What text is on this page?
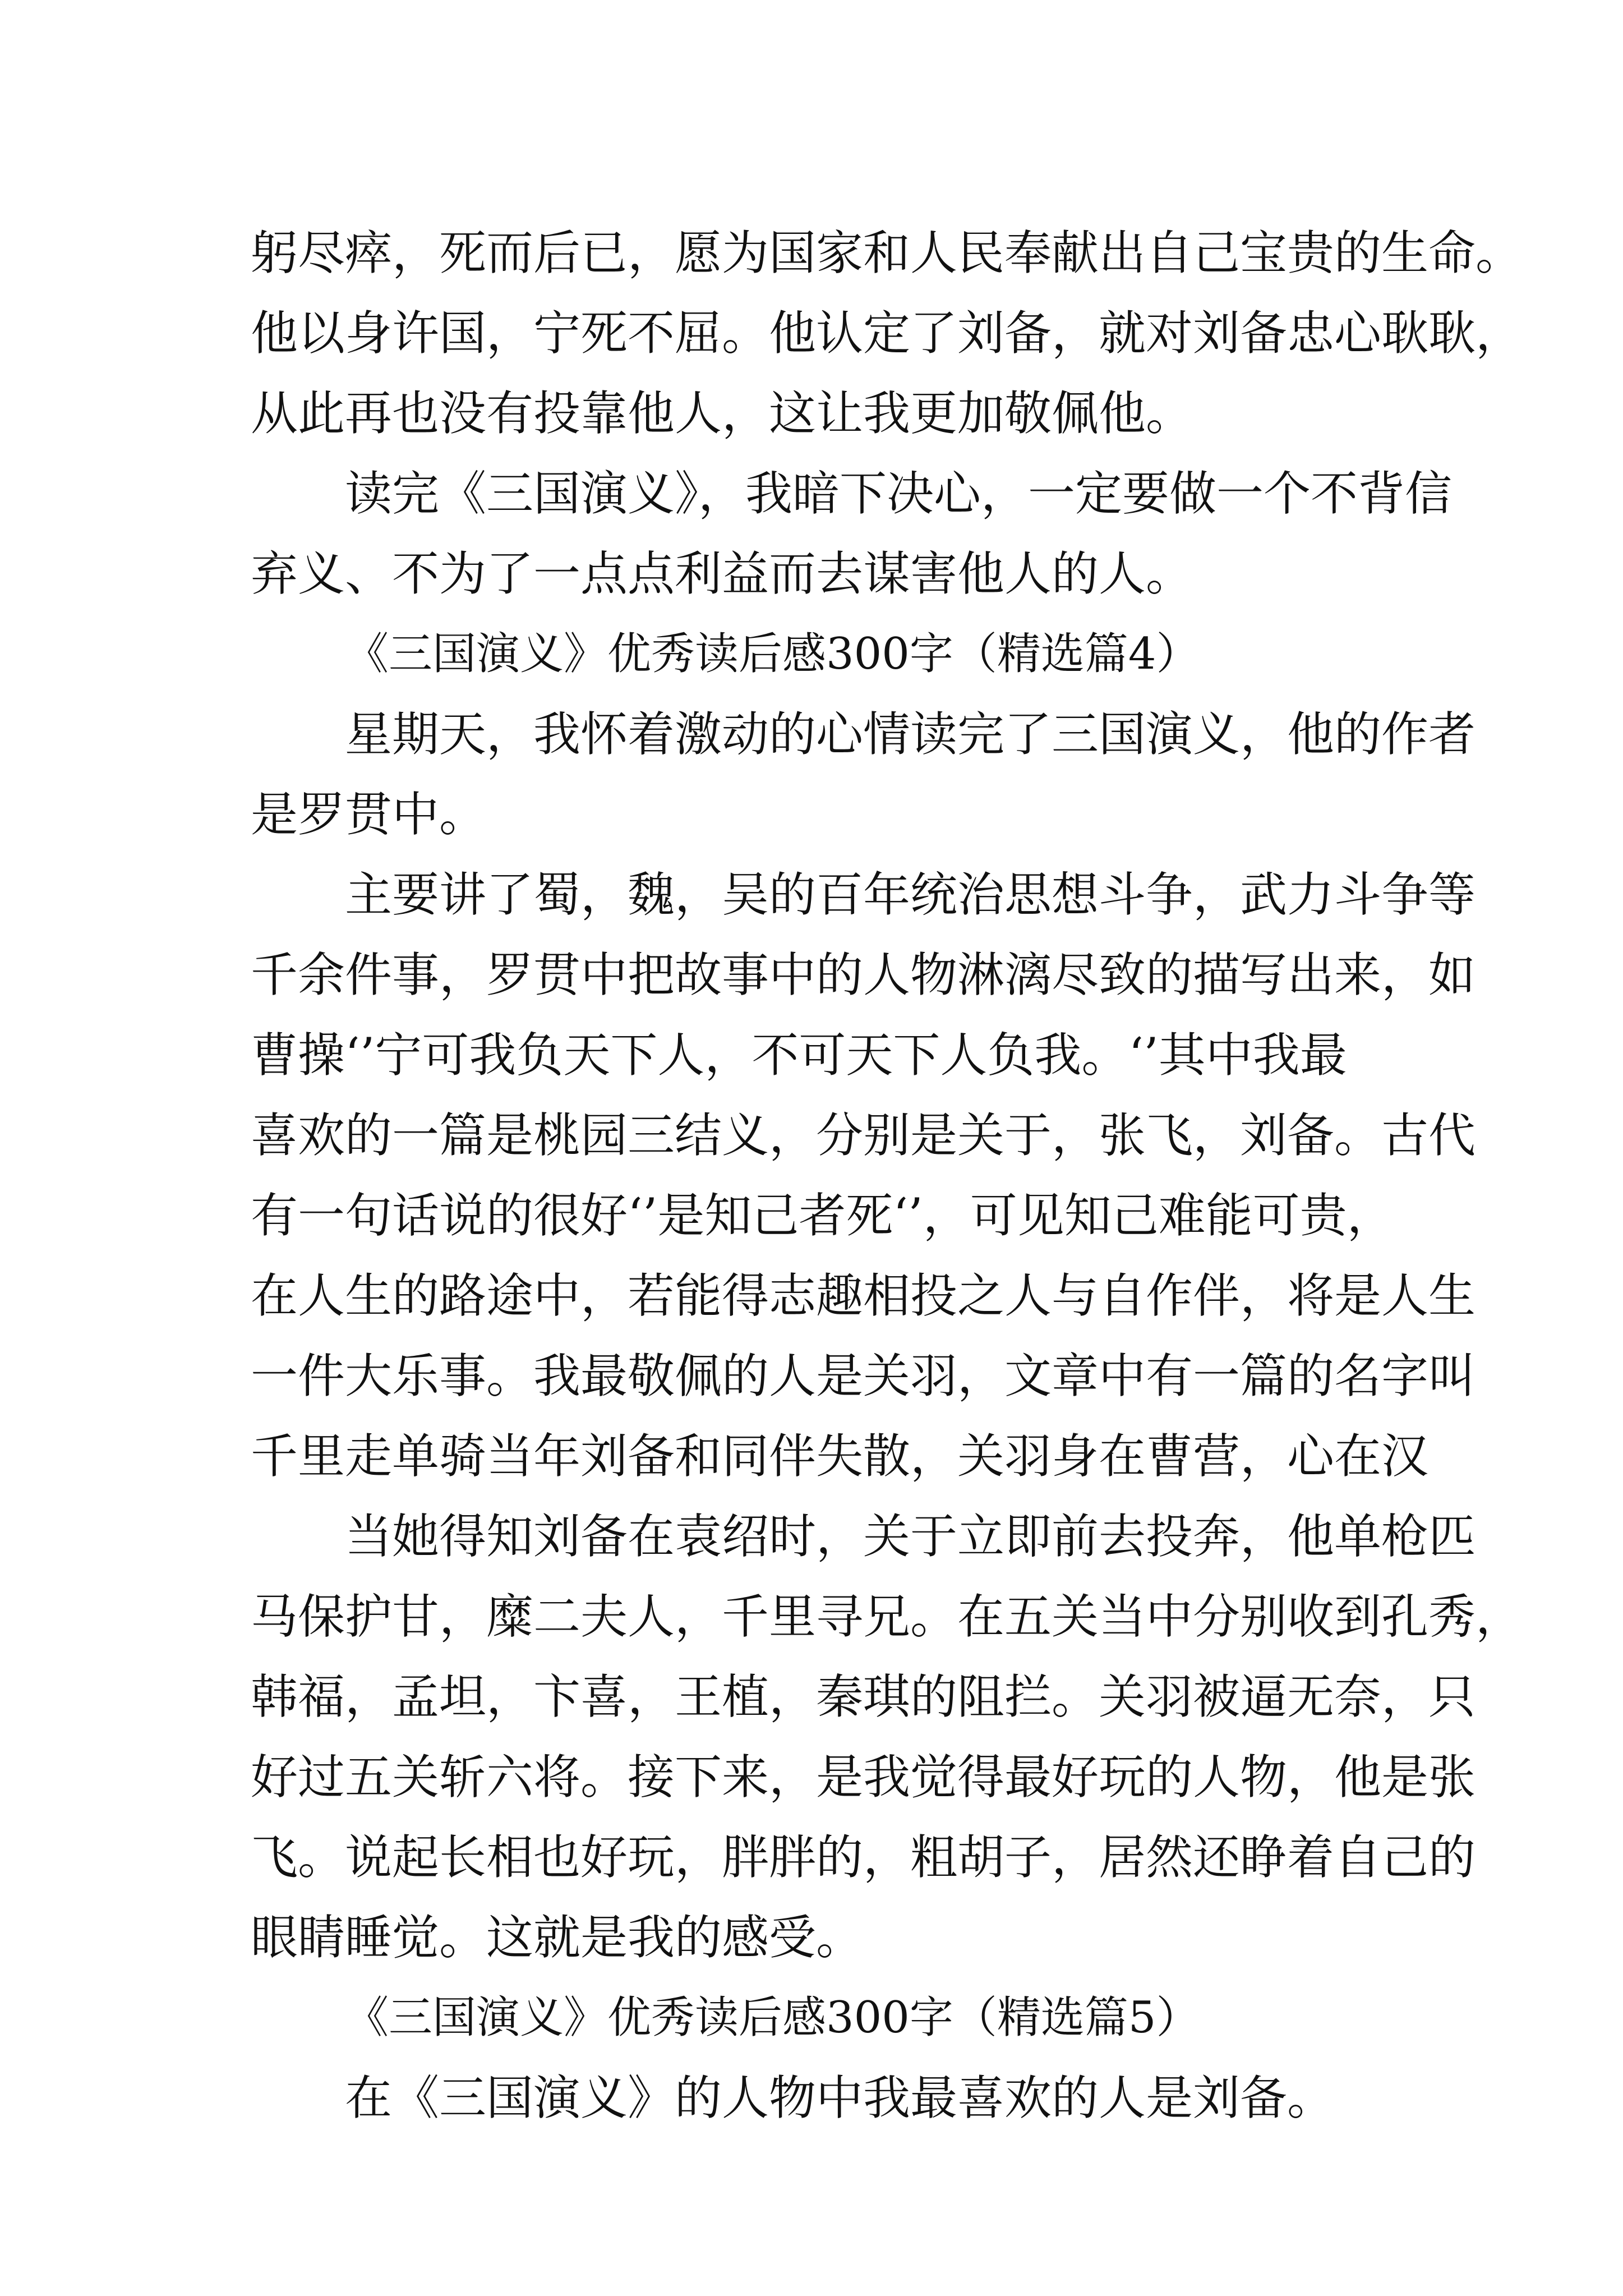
躬尽瘁，死而后已，愿为国家和人民奉献出自己宝贵的生命。
他以身许国，宁死不屈。他认定了刘备，就对刘备忠心耿耿，
从此再也没有投靠他人，这让我更加敬佩他。
读完《三国演义》，我暗下决心，一定要做一个不背信
弃义、不为了一点点利益而去谋害他人的人。
《三国演义》优秀读后感300字（精选篇4）
星期天，我怀着激动的心情读完了三国演义，他的作者
是罗贯中。
主要讲了蜀，魏，吴的百年统治思想斗争，武力斗争等
千余件事，罗贯中把故事中的人物淋漓尽致的描写出来，如
曹操‘’宁可我负天下人，不可天下人负我。‘’其中我最
喜欢的一篇是桃园三结义，分别是关于，张飞，刘备。古代
有一句话说的很好‘’是知己者死‘’，可见知己难能可贵，
在人生的路途中，若能得志趣相投之人与自作伴，将是人生
一件大乐事。我最敬佩的人是关羽，文章中有一篇的名字叫
千里走单骑当年刘备和同伴失散，关羽身在曹营，心在汉
当她得知刘备在袁绍时，关于立即前去投奔，他单枪匹
马保护甘，糜二夫人，千里寻兄。在五关当中分别收到孔秀，
韩福，孟坦，卞喜，王植，秦琪的阻拦。关羽被逼无奈，只
好过五关斩六将。接下来，是我觉得最好玩的人物，他是张
飞。说起长相也好玩，胖胖的，粗胡子，居然还睁着自己的
眼睛睡觉。这就是我的感受。
《三国演义》优秀读后感300字（精选篇5）
在《三国演义》的人物中我最喜欢的人是刘备。
